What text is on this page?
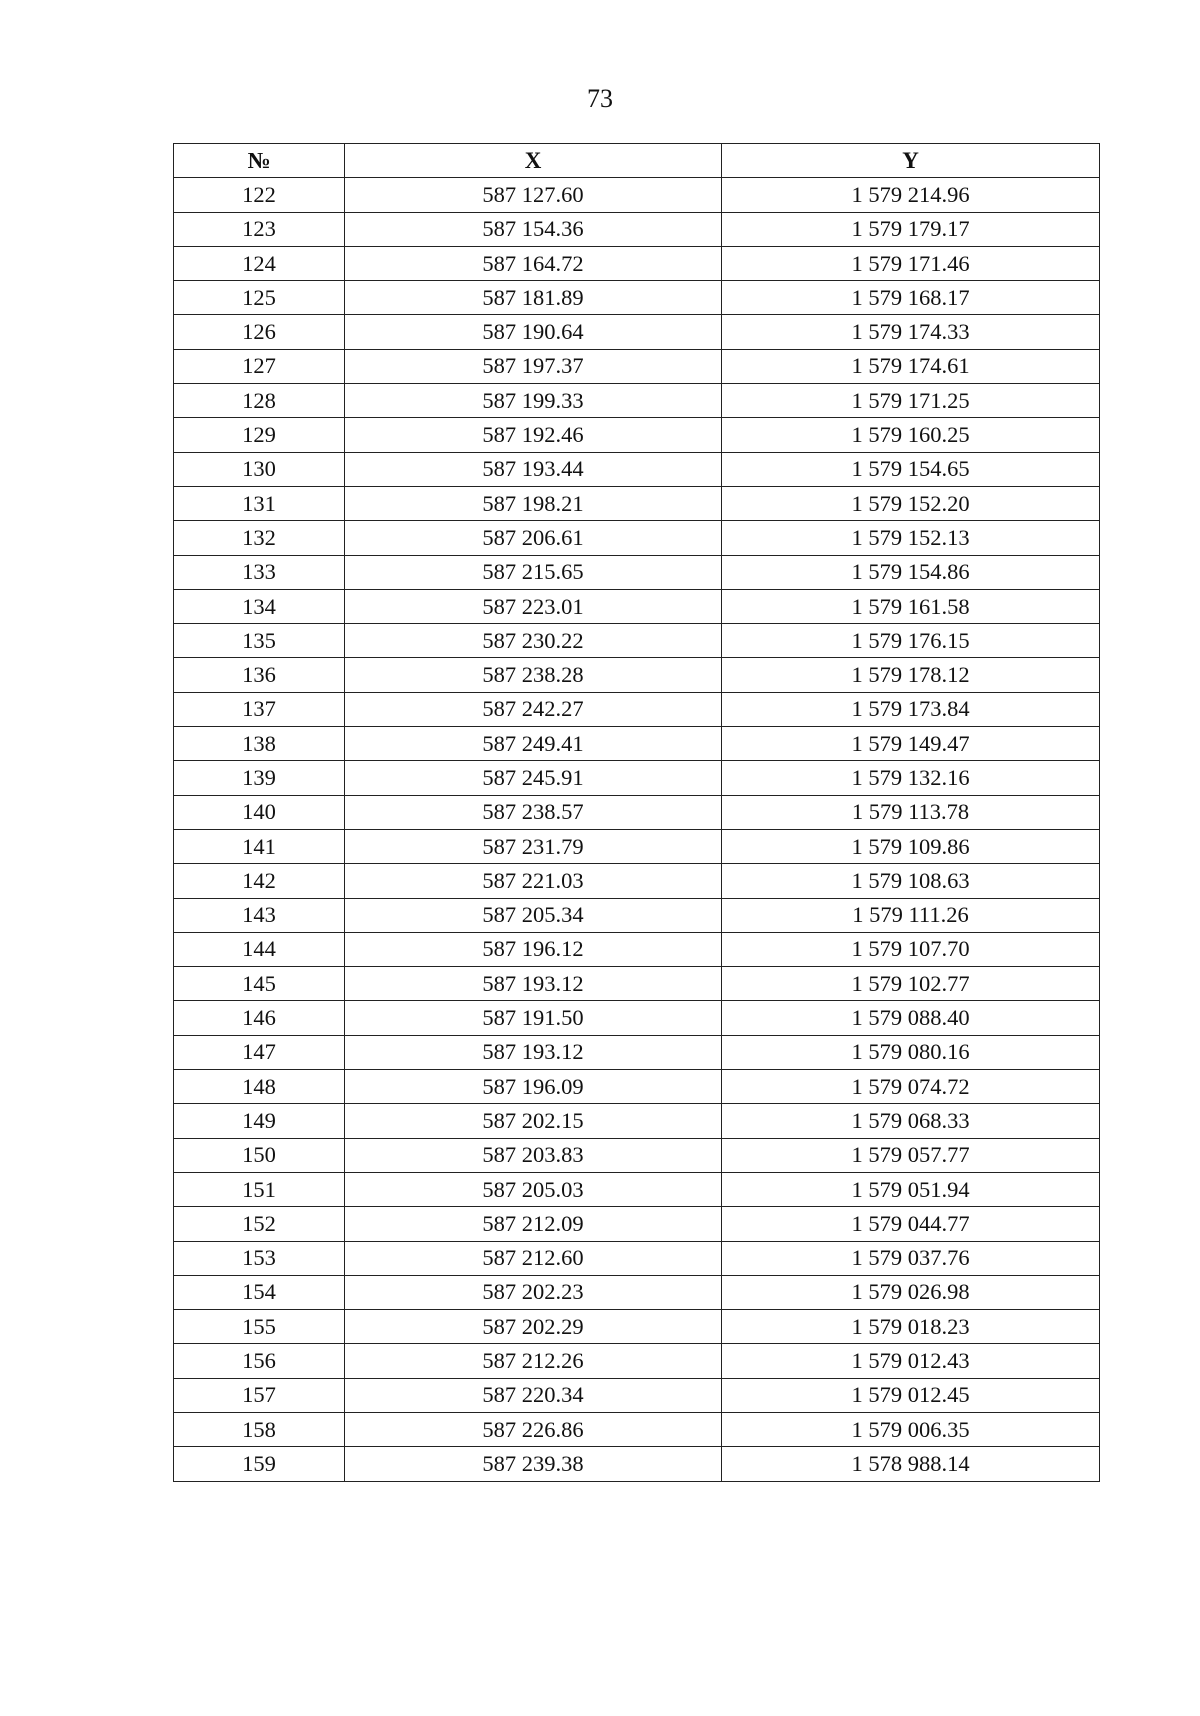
73
№	X	Y
122	587 127.60	1 579 214.96
123	587 154.36	1 579 179.17
124	587 164.72	1 579 171.46
125	587 181.89	1 579 168.17
126	587 190.64	1 579 174.33
127	587 197.37	1 579 174.61
128	587 199.33	1 579 171.25
129	587 192.46	1 579 160.25
130	587 193.44	1 579 154.65
131	587 198.21	1 579 152.20
132	587 206.61	1 579 152.13
133	587 215.65	1 579 154.86
134	587 223.01	1 579 161.58
135	587 230.22	1 579 176.15
136	587 238.28	1 579 178.12
137	587 242.27	1 579 173.84
138	587 249.41	1 579 149.47
139	587 245.91	1 579 132.16
140	587 238.57	1 579 113.78
141	587 231.79	1 579 109.86
142	587 221.03	1 579 108.63
143	587 205.34	1 579 111.26
144	587 196.12	1 579 107.70
145	587 193.12	1 579 102.77
146	587 191.50	1 579 088.40
147	587 193.12	1 579 080.16
148	587 196.09	1 579 074.72
149	587 202.15	1 579 068.33
150	587 203.83	1 579 057.77
151	587 205.03	1 579 051.94
152	587 212.09	1 579 044.77
153	587 212.60	1 579 037.76
154	587 202.23	1 579 026.98
155	587 202.29	1 579 018.23
156	587 212.26	1 579 012.43
157	587 220.34	1 579 012.45
158	587 226.86	1 579 006.35
159	587 239.38	1 578 988.14
